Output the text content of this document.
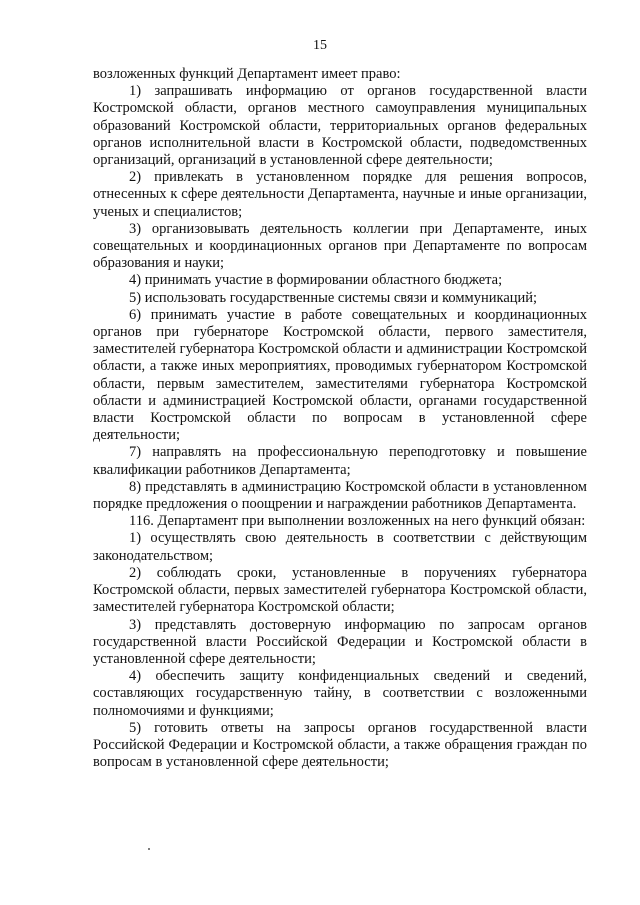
15

возложенных функций Департамент имеет право:

1) запрашивать информацию от органов государственной власти Костромской области, органов местного самоуправления муниципальных образований Костромской области, территориальных органов федеральных органов исполнительной власти в Костромской области, подведомственных организаций, организаций в установленной сфере деятельности;

2) привлекать в установленном порядке для решения вопросов, отнесенных к сфере деятельности Департамента, научные и иные организации, ученых и специалистов;

3) организовывать деятельность коллегии при Департаменте, иных совещательных и координационных органов при Департаменте по вопросам образования и науки;

4) принимать участие в формировании областного бюджета;

5) использовать государственные системы связи и коммуникаций;

6) принимать участие в работе совещательных и координационных органов при губернаторе Костромской области, первого заместителя, заместителей губернатора Костромской области и администрации Костромской области, а также иных мероприятиях, проводимых губернатором Костромской области, первым заместителем, заместителями губернатора Костромской области и администрацией Костромской области, органами государственной власти Костромской области по вопросам в установленной сфере деятельности;

7) направлять на профессиональную переподготовку и повышение квалификации работников Департамента;

8) представлять в администрацию Костромской области в установленном порядке предложения о поощрении и награждении работников Департамента.

116. Департамент при выполнении возложенных на него функций обязан:

1) осуществлять свою деятельность в соответствии с действующим законодательством;

2) соблюдать сроки, установленные в поручениях губернатора Костромской области, первых заместителей губернатора Костромской области, заместителей губернатора Костромской области;

3) представлять достоверную информацию по запросам органов государственной власти Российской Федерации и Костромской области в установленной сфере деятельности;

4) обеспечить защиту конфиденциальных сведений и сведений, составляющих государственную тайну, в соответствии с возложенными полномочиями и функциями;

5) готовить ответы на запросы органов государственной власти Российской Федерации и Костромской области, а также обращения граждан по вопросам в установленной сфере деятельности;
